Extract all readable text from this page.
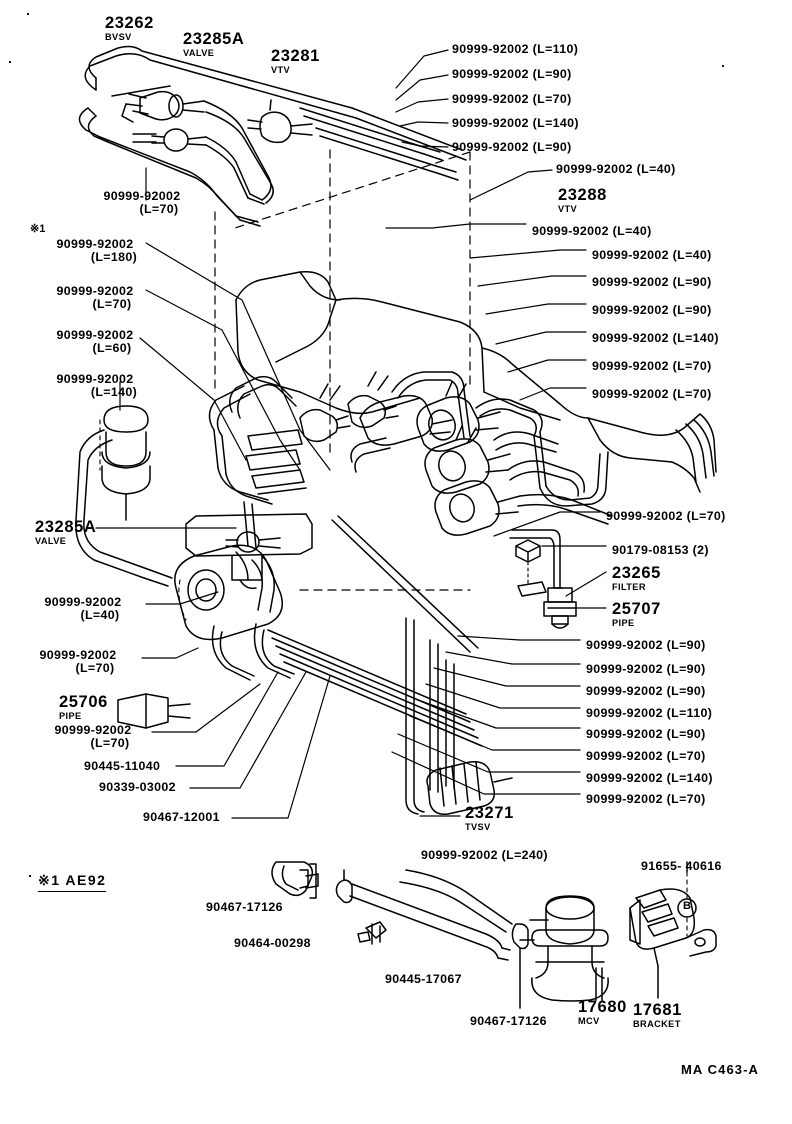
23262
BVSV	23285A
VALVE	23281
VTV
23288
VTV
23265
FILTER
25707
PIPE
23285A
VALVE
25706
PIPE
23271
TVSV
17680
MCV
17681
BRACKET
90999-92002 (L=110)
90999-92002 (L=90)
90999-92002 (L=70)
90999-92002 (L=140)
90999-92002 (L=90)
90999-92002 (L=40)
90999-92002 (L=40)
90999-92002 (L=40)
90999-92002 (L=90)
90999-92002 (L=90)
90999-92002 (L=140)
90999-92002 (L=70)
90999-92002 (L=70)
90999-92002 (L=70)
90999-92002 (L=90)
90999-92002 (L=90)
90999-92002 (L=90)
90999-92002 (L=110)
90999-92002 (L=90)
90999-92002 (L=70)
90999-92002 (L=140)
90999-92002 (L=70)
90179-08153 (2)
90999-92002
(L=70)
※1
90999-92002
(L=180)
90999-92002
(L=70)
90999-92002
(L=60)
90999-92002
(L=140)
90999-92002
(L=40)
90999-92002
(L=70)
90999-92002
(L=70)
90445-11040
90339-03002
90467-12001
90999-92002 (L=240)
91655- 40616
90467-17126
90464-00298
90445-17067
90467-17126
B
※1 AE92
MA C463-A
